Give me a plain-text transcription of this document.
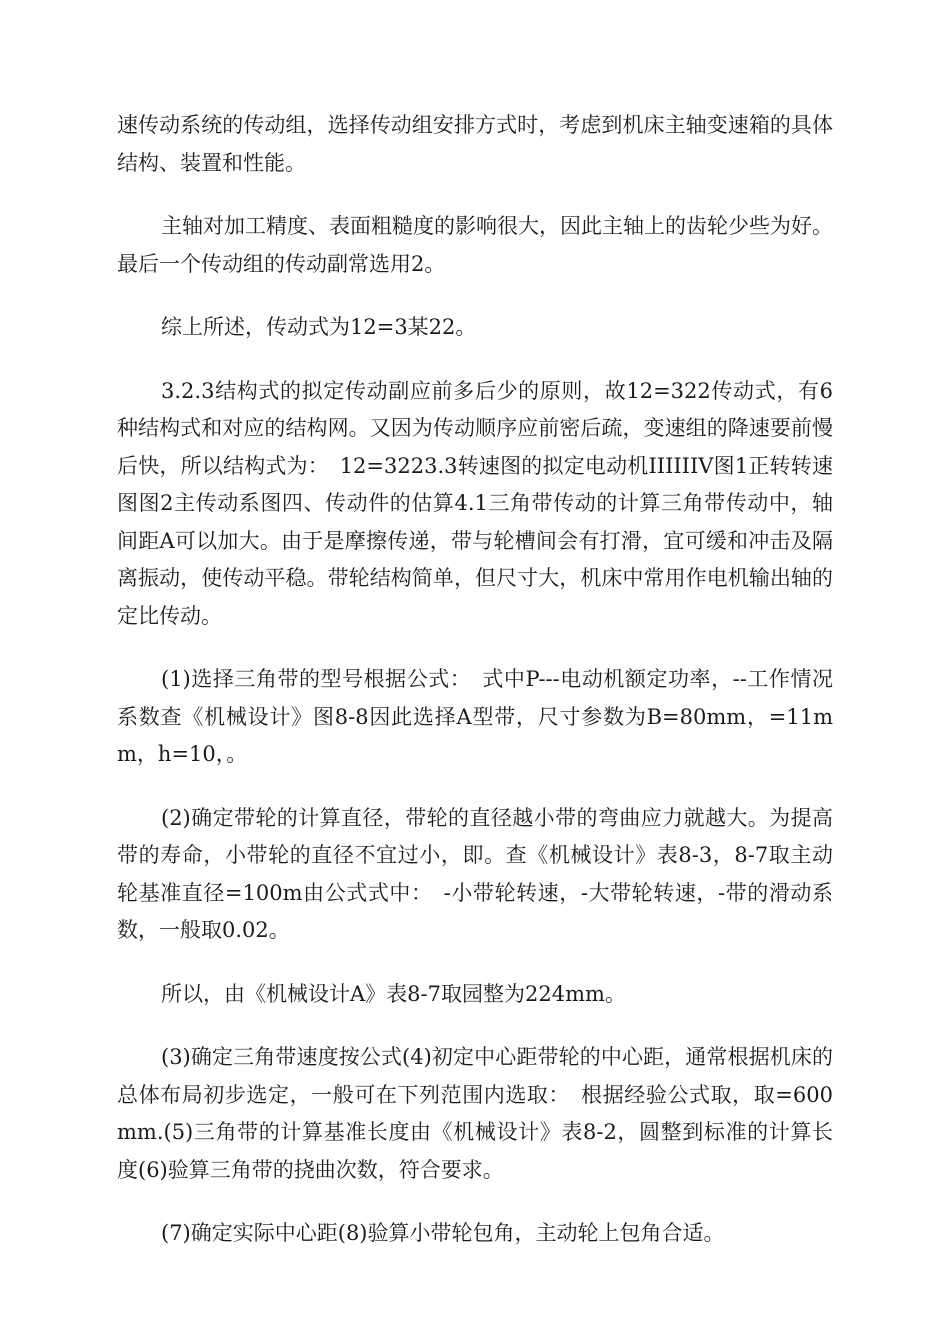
速传动系统的传动组，选择传动组安排方式时，考虑到机床主轴变速箱的具体结构、装置和性能。

主轴对加工精度、表面粗糙度的影响很大，因此主轴上的齿轮少些为好。最后一个传动组的传动副常选用2。

综上所述，传动式为12=3某22。

3.2.3结构式的拟定传动副应前多后少的原则，故12=322传动式，有6种结构式和对应的结构网。又因为传动顺序应前密后疏，变速组的降速要前慢后快，所以结构式为：　12=3223.3转速图的拟定电动机IIIIIIV图1正转转速图图2主传动系图四、传动件的估算4.1三角带传动的计算三角带传动中，轴间距A可以加大。由于是摩擦传递，带与轮槽间会有打滑，宜可缓和冲击及隔离振动，使传动平稳。带轮结构简单，但尺寸大，机床中常用作电机输出轴的定比传动。

(1)选择三角带的型号根据公式：　式中P---电动机额定功率，--工作情况系数查《机械设计》图8-8因此选择A型带，尺寸参数为B=80mm，=11mm，h=10，。

(2)确定带轮的计算直径，带轮的直径越小带的弯曲应力就越大。为提高带的寿命，小带轮的直径不宜过小，即。查《机械设计》表8-3，8-7取主动轮基准直径=100m由公式式中：　-小带轮转速，-大带轮转速，-带的滑动系数，一般取0.02。

所以，由《机械设计A》表8-7取园整为224mm。

(3)确定三角带速度按公式(4)初定中心距带轮的中心距，通常根据机床的总体布局初步选定，一般可在下列范围内选取：　根据经验公式取，取=600mm.(5)三角带的计算基准长度由《机械设计》表8-2，圆整到标准的计算长度(6)验算三角带的挠曲次数，符合要求。

(7)确定实际中心距(8)验算小带轮包角，主动轮上包角合适。
